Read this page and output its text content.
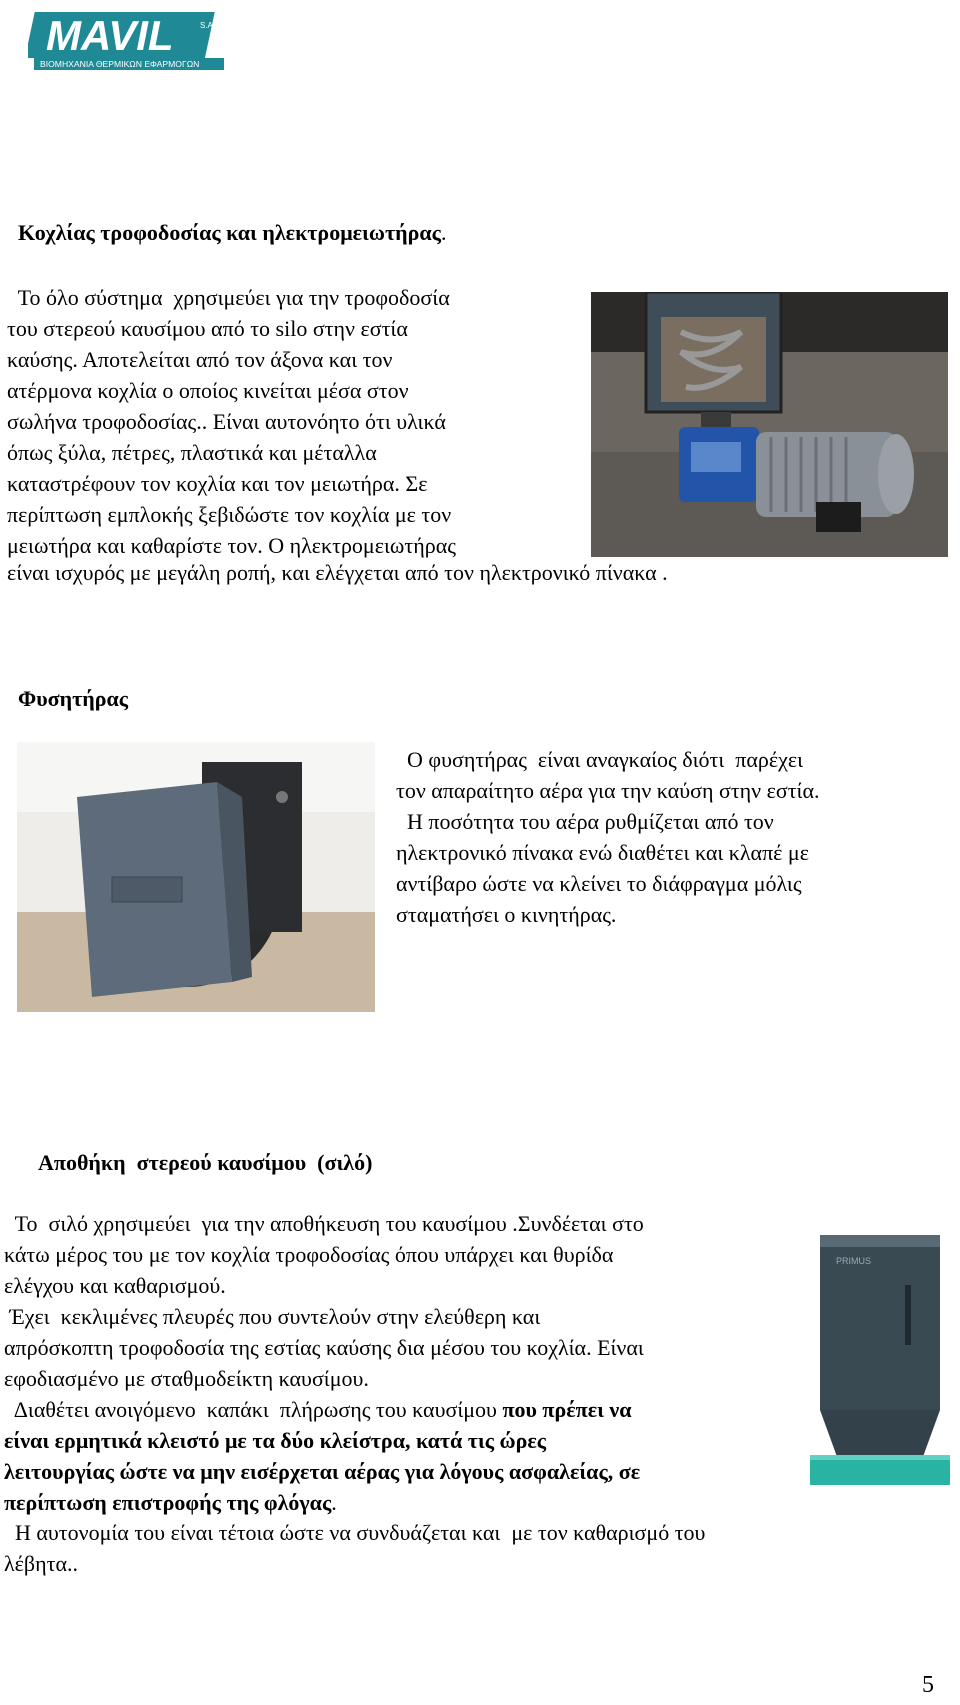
MAVIL	S.A.
ΒΙΟΜΗΧΑΝΙΑ ΘΕΡΜΙΚΩΝ ΕΦΑΡΜΟΓΩΝ
Κοχλίας τροφοδοσίας και ηλεκτρομειωτήρας.

Το όλο σύστημα  χρησιμεύει για την τροφοδοσία

του στερεού καυσίμου από το silo στην εστία

καύσης. Αποτελείται από τον άξονα και τον

ατέρμονα κοχλία ο οποίος κινείται μέσα στον

σωλήνα τροφοδοσίας.. Είναι αυτονόητο ότι υλικά

όπως ξύλα, πέτρες, πλαστικά και μέταλλα

καταστρέφουν τον κοχλία και τον μειωτήρα. Σε

περίπτωση εμπλοκής ξεβιδώστε τον κοχλία με τον

μειωτήρα και καθαρίστε τον. Ο ηλεκτρομειωτήρας

είναι ισχυρός με μεγάλη ροπή, και ελέγχεται από τον ηλεκτρονικό πίνακα .
Φυσητήρας

Ο φυσητήρας  είναι αναγκαίος διότι  παρέχει

τον απαραίτητο αέρα για την καύση στην εστία.

Η ποσότητα του αέρα ρυθμίζεται από τον

ηλεκτρονικό πίνακα ενώ διαθέτει και κλαπέ με

αντίβαρο ώστε να κλείνει το διάφραγμα μόλις

σταματήσει ο κινητήρας.

Αποθήκη  στερεού καυσίμου  (σιλό)

Το  σιλό χρησιμεύει  για την αποθήκευση του καυσίμου .Συνδέεται στο

κάτω μέρος του με τον κοχλία τροφοδοσίας όπου υπάρχει και θυρίδα

ελέγχου και καθαρισμού.

Έχει  κεκλιμένες πλευρές που συντελούν στην ελεύθερη και

απρόσκοπτη τροφοδοσία της εστίας καύσης δια μέσου του κοχλία. Είναι

εφοδιασμένο με σταθμοδείκτη καυσίμου.

Διαθέτει ανοιγόμενο  καπάκι  πλήρωσης του καυσίμου που πρέπει να

είναι ερμητικά κλειστό με τα δύο κλείστρα, κατά τις ώρες

λειτουργίας ώστε να μην εισέρχεται αέρας για λόγους ασφαλείας, σε

περίπτωση επιστροφής της φλόγας.

Η αυτονομία του είναι τέτοια ώστε να συνδυάζεται και  με τον καθαρισμό του

λέβητα..

PRIMUS
5
